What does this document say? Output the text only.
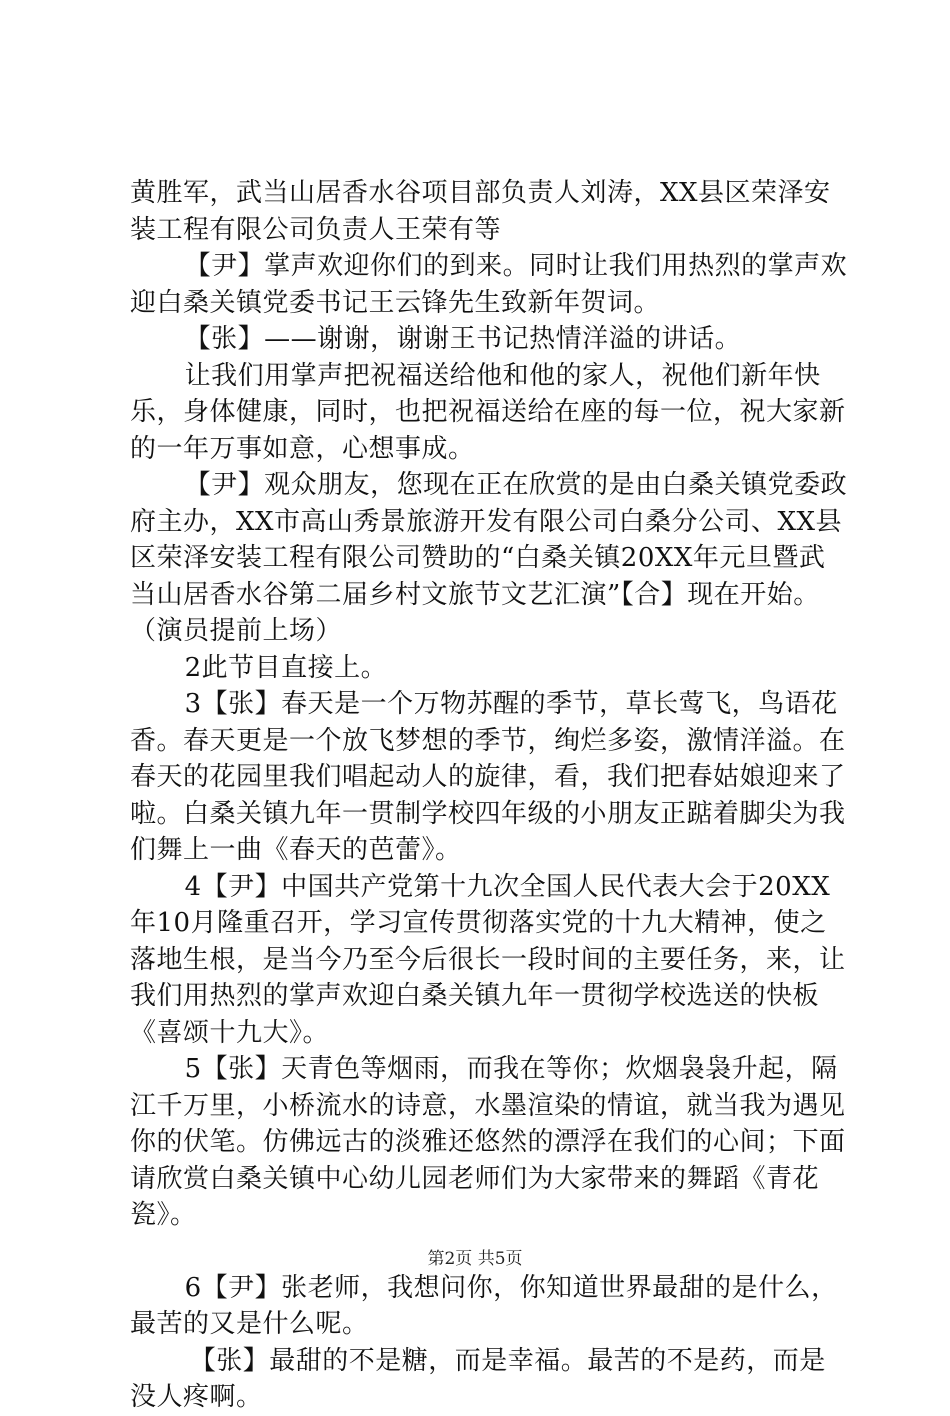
黄胜军，武当山居香水谷项目部负责人刘涛，XX县区荣泽安装工程有限公司负责人王荣有等

【尹】掌声欢迎你们的到来。同时让我们用热烈的掌声欢迎白桑关镇党委书记王云锋先生致新年贺词。

【张】——谢谢，谢谢王书记热情洋溢的讲话。

让我们用掌声把祝福送给他和他的家人，祝他们新年快乐，身体健康，同时，也把祝福送给在座的每一位，祝大家新的一年万事如意，心想事成。

【尹】观众朋友，您现在正在欣赏的是由白桑关镇党委政府主办，XX市高山秀景旅游开发有限公司白桑分公司、XX县区荣泽安装工程有限公司赞助的“白桑关镇20XX年元旦暨武当山居香水谷第二届乡村文旅节文艺汇演”【合】现在开始。（演员提前上场）

2此节目直接上。

3【张】春天是一个万物苏醒的季节，草长莺飞，鸟语花香。春天更是一个放飞梦想的季节，绚烂多姿，激情洋溢。在春天的花园里我们唱起动人的旋律，看，我们把春姑娘迎来了啦。白桑关镇九年一贯制学校四年级的小朋友正踮着脚尖为我们舞上一曲《春天的芭蕾》。

4【尹】中国共产党第十九次全国人民代表大会于20XX年10月隆重召开，学习宣传贯彻落实党的十九大精神，使之落地生根，是当今乃至今后很长一段时间的主要任务，来，让我们用热烈的掌声欢迎白桑关镇九年一贯彻学校选送的快板《喜颂十九大》。

5【张】天青色等烟雨，而我在等你；炊烟袅袅升起，隔江千万里，小桥流水的诗意，水墨渲染的情谊，就当我为遇见你的伏笔。仿佛远古的淡雅还悠然的漂浮在我们的心间；下面请欣赏白桑关镇中心幼儿园老师们为大家带来的舞蹈《青花瓷》。

6【尹】张老师，我想问你，你知道世界最甜的是什么，最苦的又是什么呢。

【张】最甜的不是糖，而是幸福。最苦的不是药，而是没人疼啊。

第2页 共5页
